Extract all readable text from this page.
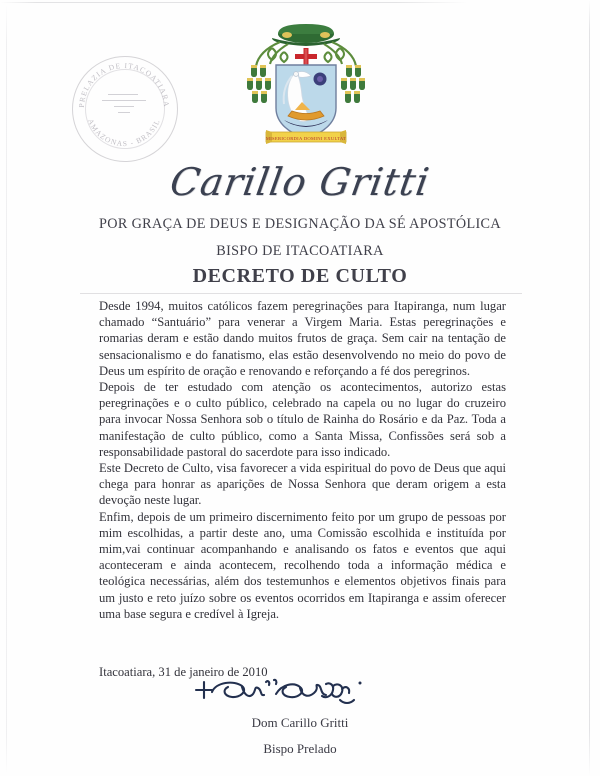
PRELAZIA DE ITACOATIARA
AMAZONAS - BRASIL
MISERICORDIA DOMINI EXULTAT
Carillo Gritti
POR GRAÇA DE DEUS E DESIGNAÇÃO DA SÉ APOSTÓLICA
BISPO DE ITACOATIARA
DECRETO DE CULTO

Desde 1994, muitos católicos fazem peregrinações para Itapiranga, num lugar chamado “Santuário” para venerar a Virgem Maria. Estas peregrinações e romarias deram e estão dando muitos frutos de graça. Sem cair na tentação de sensacionalismo e do fanatismo, elas estão desenvolvendo no meio do povo de Deus um espírito de oração e renovando e reforçando a fé dos peregrinos.

Depois de ter estudado com atenção os acontecimentos, autorizo estas peregrinações e o culto público, celebrado na capela ou no lugar do cruzeiro para invocar Nossa Senhora sob o título de Rainha do Rosário e da Paz. Toda a manifestação de culto público, como a Santa Missa, Confissões será sob a responsabilidade pastoral do sacerdote para isso indicado.

Este Decreto de Culto, visa favorecer a vida espiritual do povo de Deus que aqui chega para honrar as aparições de Nossa Senhora que deram origem a esta devoção neste lugar.

Enfim, depois de um primeiro discernimento feito por um grupo de pessoas por mim escolhidas, a partir deste ano, uma Comissão escolhida e instituída por mim,vai continuar acompanhando e analisando os fatos e eventos que aqui aconteceram e ainda acontecem, recolhendo toda a informação médica e teológica necessárias, além dos testemunhos e elementos objetivos finais para um justo e reto juízo sobre os eventos ocorridos em Itapiranga e assim oferecer uma base segura e credível à Igreja.

Itacoatiara, 31 de janeiro de 2010
Dom Carillo Gritti
Bispo Prelado
